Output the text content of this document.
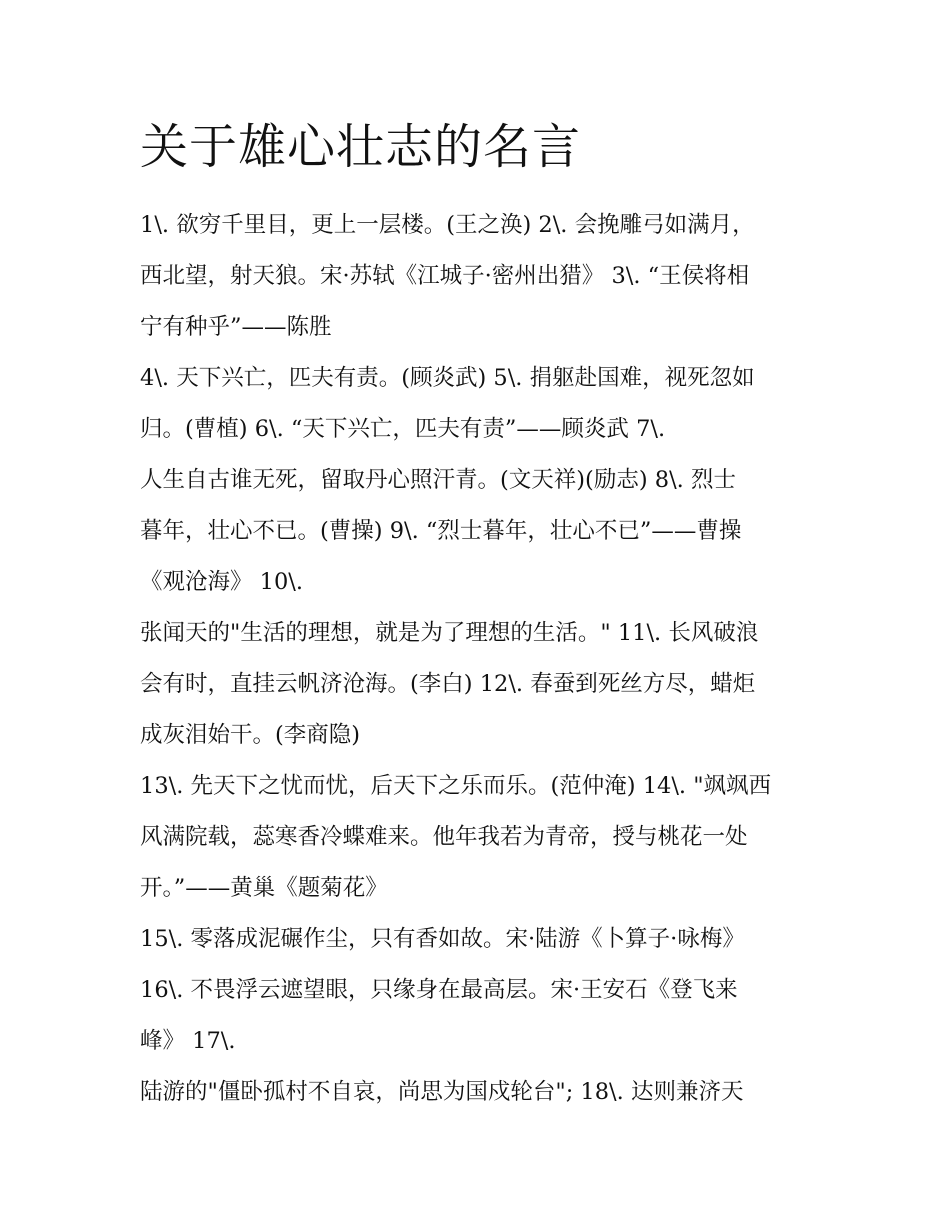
关于雄心壮志的名言
1\. 欲穷千里目，更上一层楼。(王之涣) 2\. 会挽雕弓如满月，
西北望，射天狼。宋·苏轼《江城子·密州出猎》 3\. “王侯将相
宁有种乎”——陈胜
4\. 天下兴亡，匹夫有责。(顾炎武) 5\. 捐躯赴国难，视死忽如
归。(曹植) 6\. “天下兴亡，匹夫有责”——顾炎武 7\.
人生自古谁无死，留取丹心照汗青。(文天祥)(励志) 8\. 烈士
暮年，壮心不已。(曹操) 9\. “烈士暮年，壮心不已”——曹操
《观沧海》 10\.
张闻天的"生活的理想，就是为了理想的生活。" 11\. 长风破浪
会有时，直挂云帆济沧海。(李白) 12\. 春蚕到死丝方尽，蜡炬
成灰泪始干。(李商隐)
13\. 先天下之忧而忧，后天下之乐而乐。(范仲淹) 14\. "飒飒西
风满院载，蕊寒香冷蝶难来。他年我若为青帝，授与桃花一处
开。”——黄巢《题菊花》
15\. 零落成泥碾作尘，只有香如故。宋·陆游《卜算子·咏梅》
16\. 不畏浮云遮望眼，只缘身在最高层。宋·王安石《登飞来
峰》 17\.
陆游的"僵卧孤村不自哀，尚思为国戍轮台"; 18\. 达则兼济天
